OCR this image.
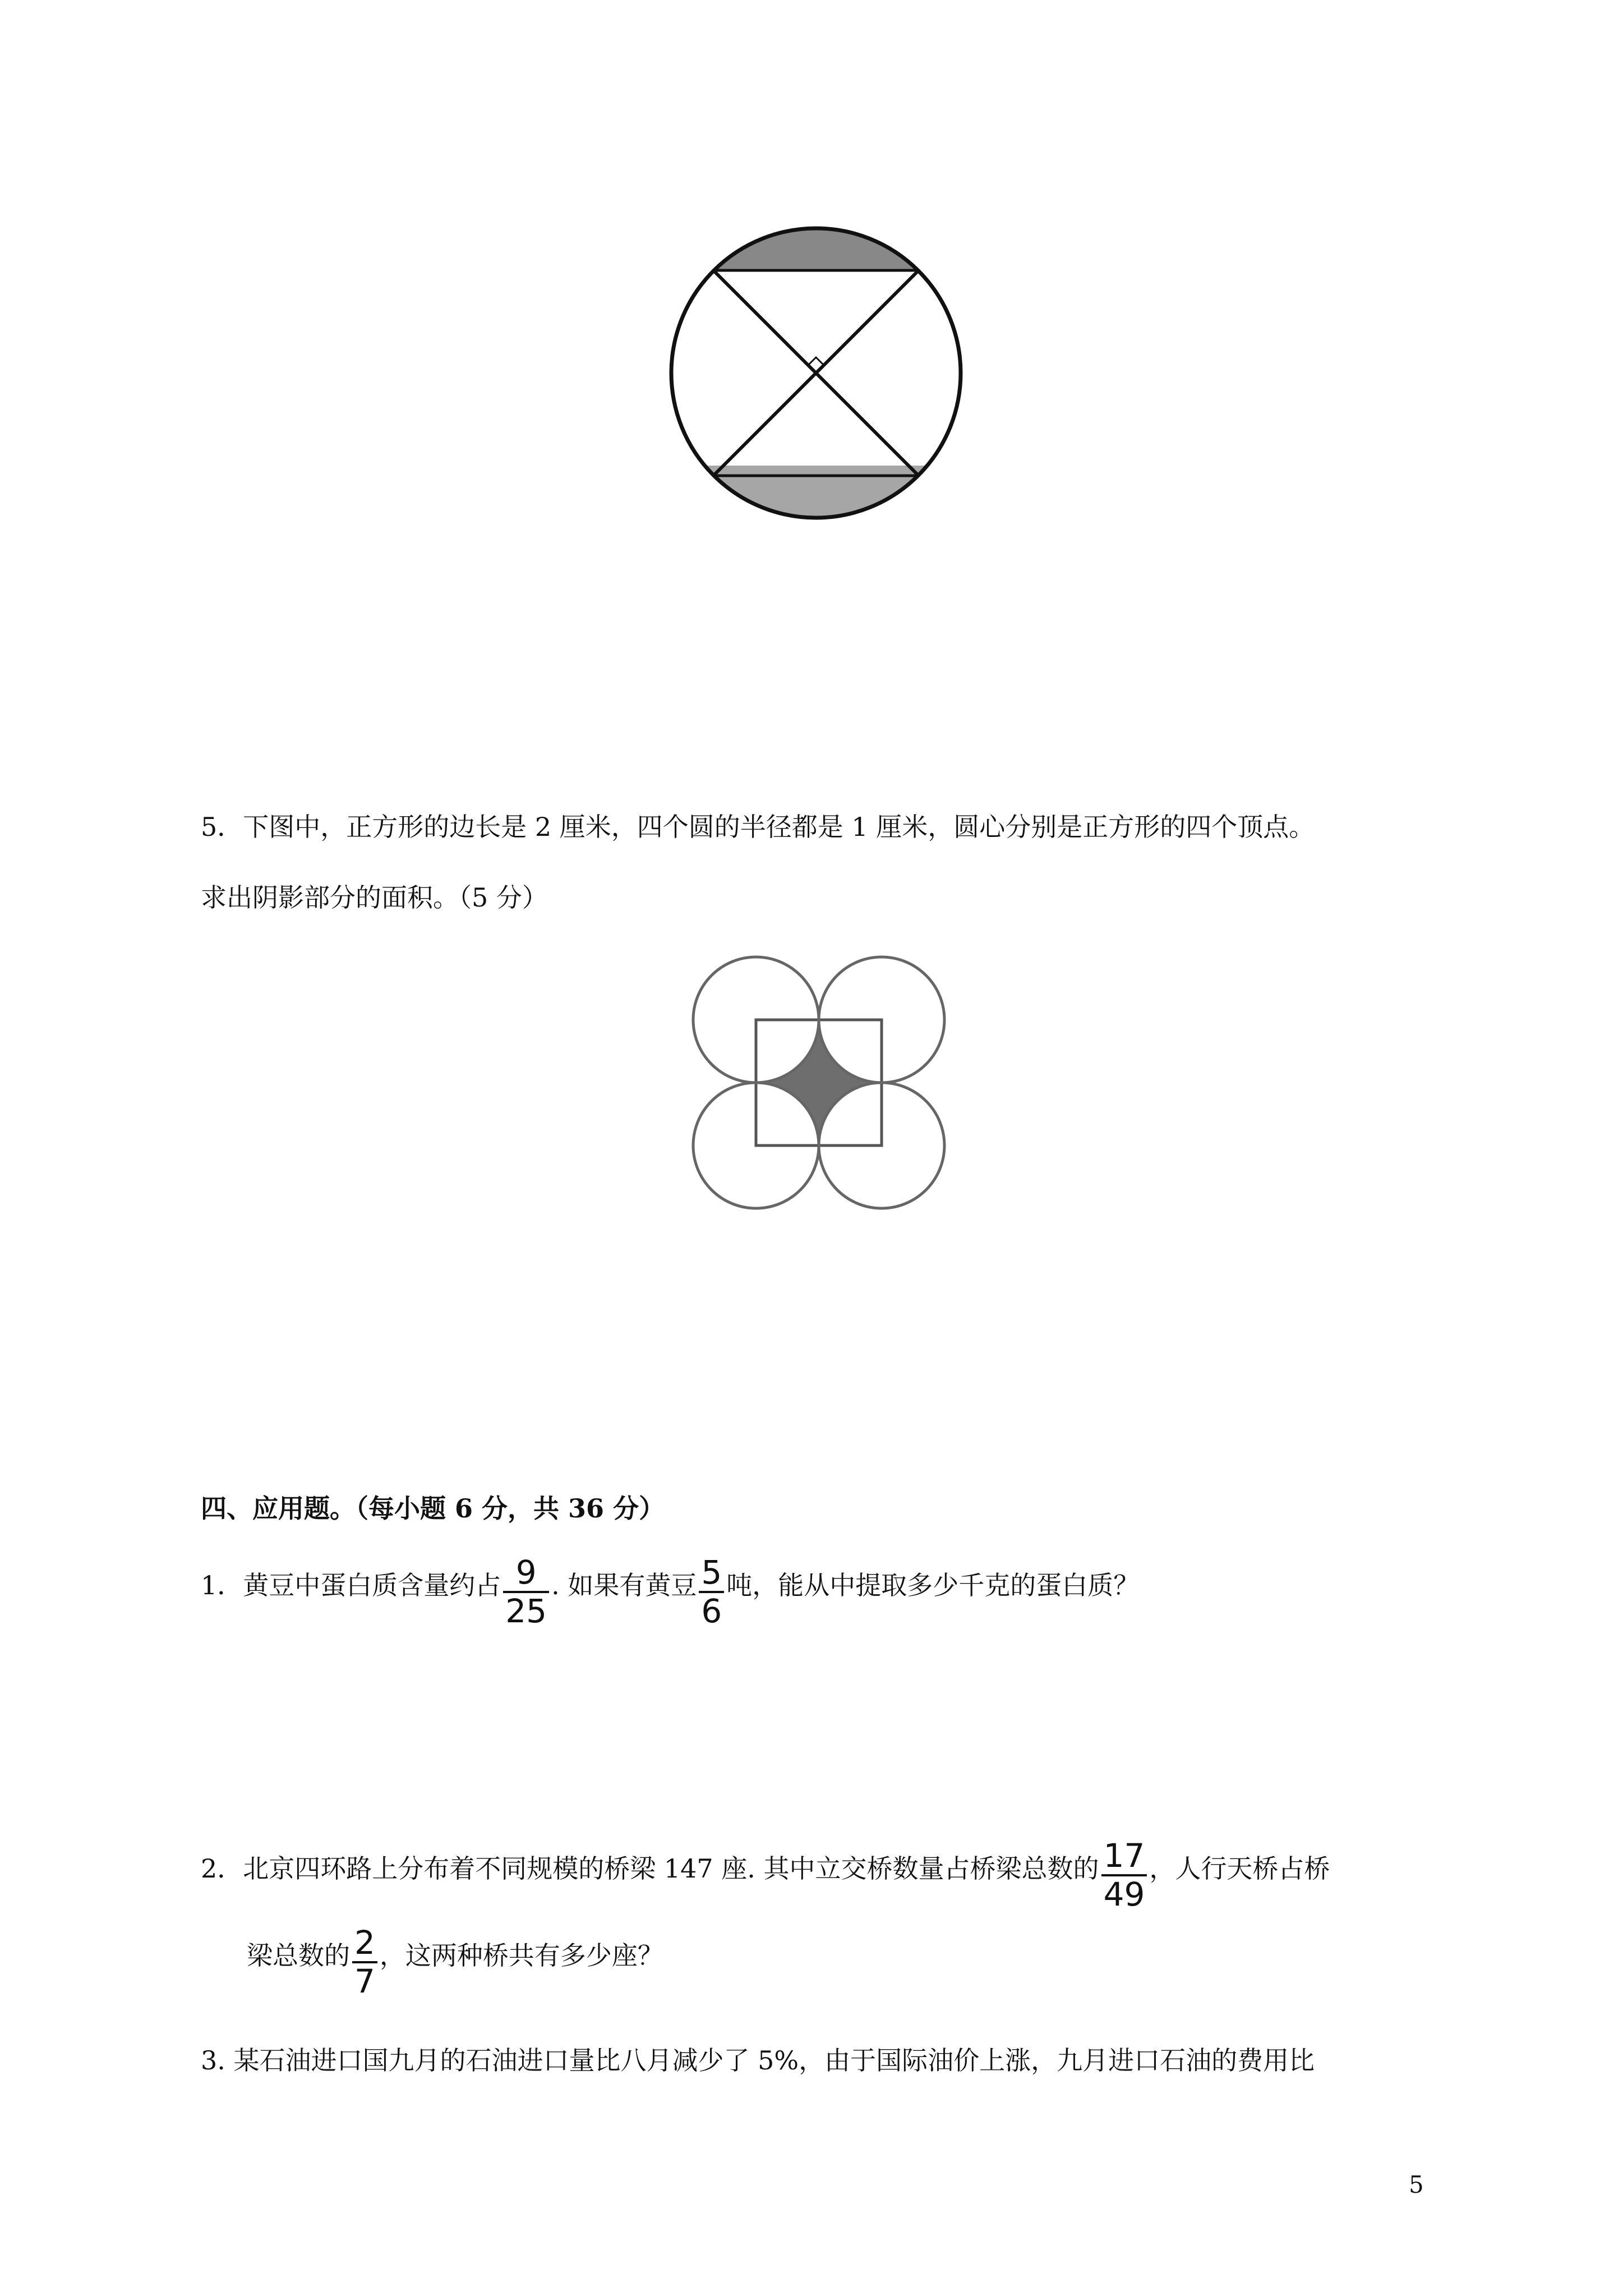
5．下图中，正方形的边长是 2 厘米，四个圆的半径都是 1 厘米，圆心分别是正方形的四个顶点。
求出阴影部分的面积。（5 分）
四、应用题。（每小题 6 分，共 36 分）
1．黄豆中蛋白质含量约占 $\frac{9}{25}$ . 如果有黄豆 $\frac{5}{6}$ 吨，能从中提取多少千克的蛋白质？
2．北京四环路上分布着不同规模的桥梁 147 座. 其中立交桥数量占桥梁总数的 $\frac{17}{49}$ ，人行天桥占桥
梁总数的 $\frac{2}{7}$ ，这两种桥共有多少座？
3. 某石油进口国九月的石油进口量比八月减少了 5%，由于国际油价上涨，九月进口石油的费用比
5
